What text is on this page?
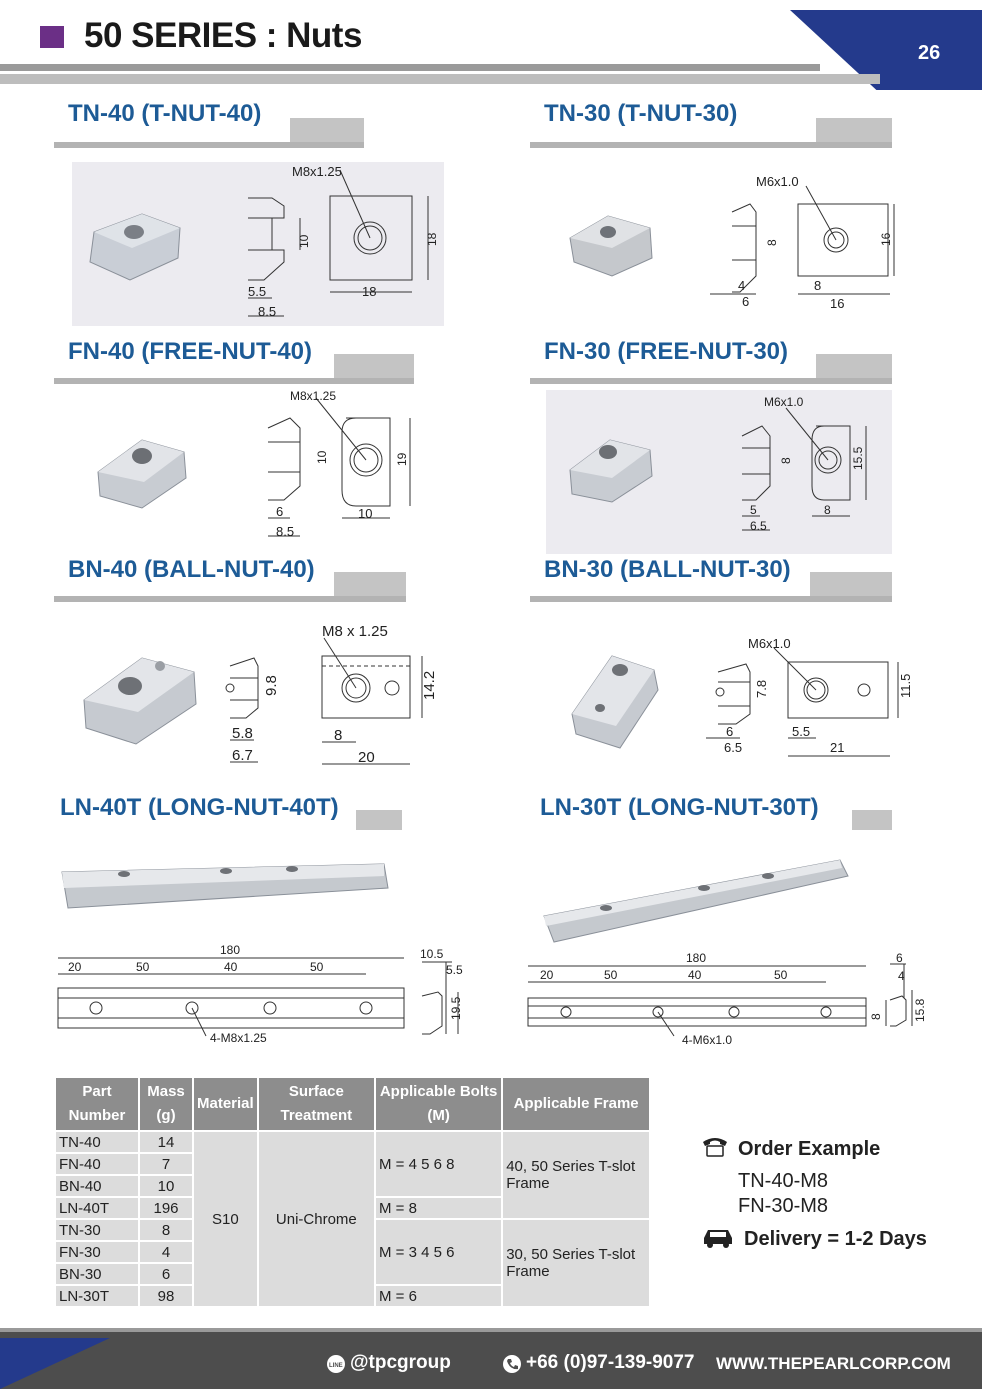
50 SERIES : Nuts	26
TN-40 (T-NUT-40)	TN-30 (T-NUT-30)
FN-40 (FREE-NUT-40)	FN-30 (FREE-NUT-30)
BN-40 (BALL-NUT-40)	BN-30 (BALL-NUT-30)
LN-40T (LONG-NUT-40T)	LN-30T (LONG-NUT-30T)
M8x1.25
10	18
5.5
8.5
18
M6x1.0
8	16
4
6
8
16
M8x1.25
10	19
6
8.5
10
M6x1.0
8	15.5
5
6.5
8
M8 x 1.25
9.8	14.2
5.8
6.7
8
20
M6x1.0
7.8	11.5
6
6.5
5.5
21
180
20	50	40	50
10.5
5.5
19.5
4-M8x1.25
180
20	50	40	50
6
4
8	15.8
4-M6x1.0
Part Number	Mass (g)	Material	Surface Treatment	Applicable Bolts (M)	Applicable Frame
TN-40	14	S10	Uni-Chrome	M = 4 5 6 8	40, 50 Series T-slot Frame
FN-40	7				
BN-40	10				
LN-40T	196			M = 8	
TN-30	8			M = 3 4 5 6	30, 50 Series T-slot Frame
FN-30	4				
BN-30	6				
LN-30T	98			M = 6	
Order Example
TN-40-M8
FN-30-M8
Delivery = 1-2 Days
LINE @tpcgroup	+66 (0)97-139-9077 WWW.THEPEARLCORP.COM
